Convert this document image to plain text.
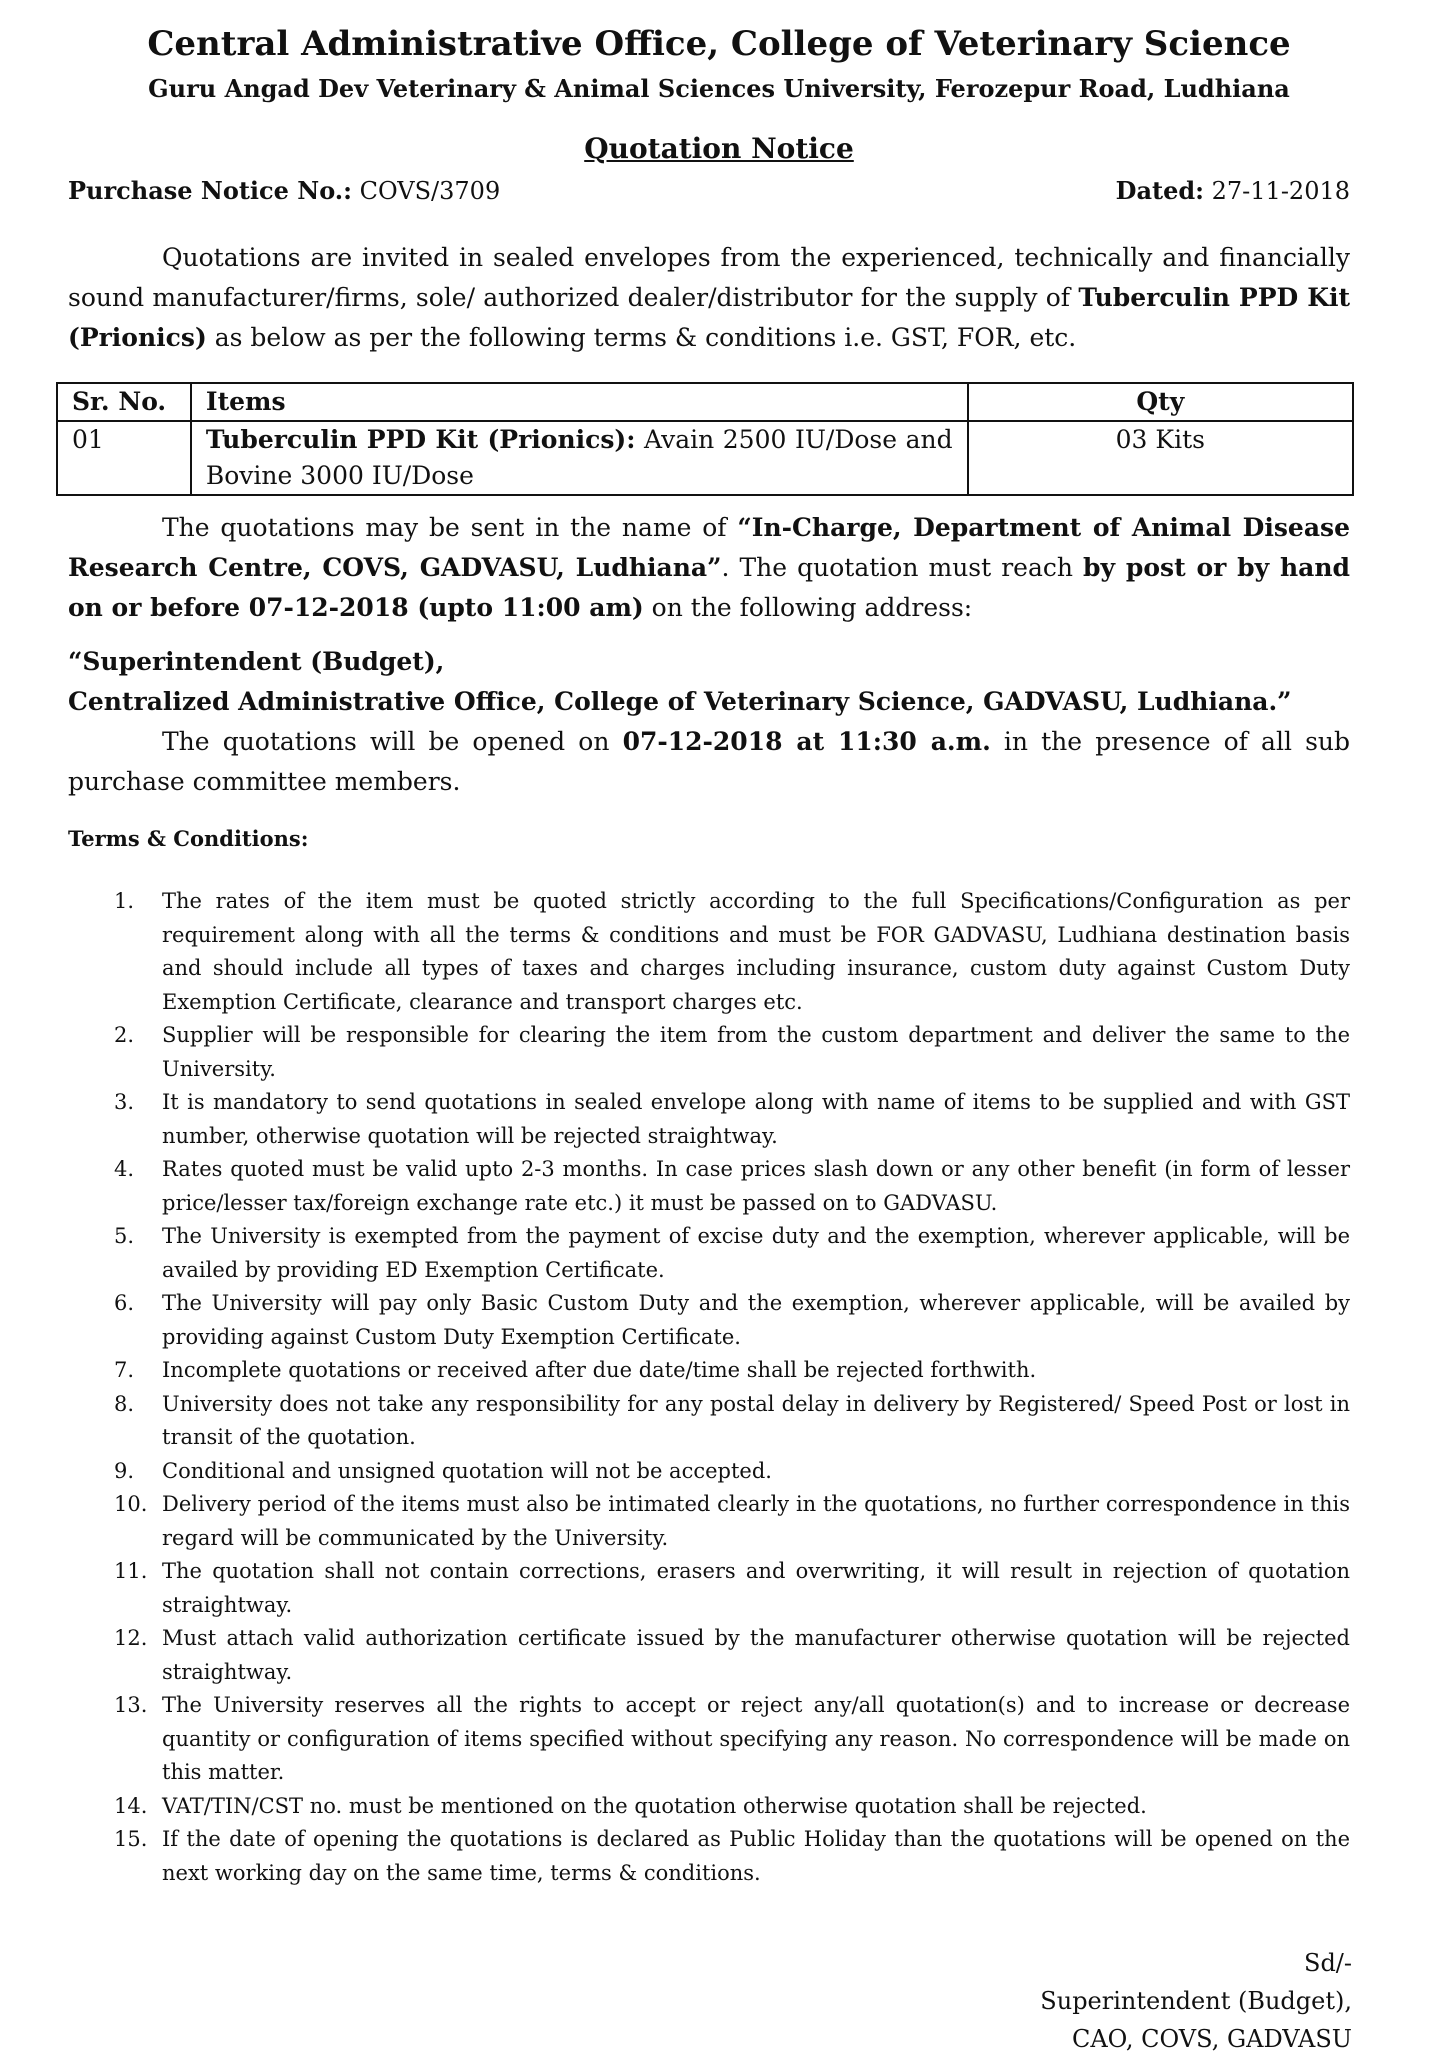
Central Administrative Office, College of Veterinary Science
Guru Angad Dev Veterinary & Animal Sciences University, Ferozepur Road, Ludhiana
Quotation Notice
Purchase Notice No.: COVS/3709	Dated: 27-11-2018

Quotations are invited in sealed envelopes from the experienced, technically and financially sound manufacturer/firms, sole/ authorized dealer/distributor for the supply of Tuberculin PPD Kit (Prionics) as below as per the following terms & conditions i.e. GST, FOR, etc.

Sr. No.	Items	Qty
01	Tuberculin PPD Kit (Prionics): Avain 2500 IU/Dose and Bovine 3000 IU/Dose	03 Kits

The quotations may be sent in the name of “In-Charge, Department of Animal Disease Research Centre, COVS, GADVASU, Ludhiana”. The quotation must reach by post or by hand on or before 07-12-2018 (upto 11:00 am) on the following address:

“Superintendent (Budget),
Centralized Administrative Office, College of Veterinary Science, GADVASU, Ludhiana.”

The quotations will be opened on 07-12-2018 at 11:30 a.m. in the presence of all sub purchase committee members.

Terms & Conditions:
1.	The rates of the item must be quoted strictly according to the full Specifications/Configuration as per requirement along with all the terms & conditions and must be FOR GADVASU, Ludhiana destination basis and should include all types of taxes and charges including insurance, custom duty against Custom Duty Exemption Certificate, clearance and transport charges etc.
2.	Supplier will be responsible for clearing the item from the custom department and deliver the same to the University.
3.	It is mandatory to send quotations in sealed envelope along with name of items to be supplied and with GST number, otherwise quotation will be rejected straightway.
4.	Rates quoted must be valid upto 2-3 months. In case prices slash down or any other benefit (in form of lesser price/lesser tax/foreign exchange rate etc.) it must be passed on to GADVASU.
5.	The University is exempted from the payment of excise duty and the exemption, wherever applicable, will be availed by providing ED Exemption Certificate.
6.	The University will pay only Basic Custom Duty and the exemption, wherever applicable, will be availed by providing against Custom Duty Exemption Certificate.
7.	Incomplete quotations or received after due date/time shall be rejected forthwith.
8.	University does not take any responsibility for any postal delay in delivery by Registered/ Speed Post or lost in transit of the quotation.
9.	Conditional and unsigned quotation will not be accepted.
10. Delivery period of the items must also be intimated clearly in the quotations, no further correspondence in this regard will be communicated by the University.
11. The quotation shall not contain corrections, erasers and overwriting, it will result in rejection of quotation straightway.
12. Must attach valid authorization certificate issued by the manufacturer otherwise quotation will be rejected straightway.
13. The University reserves all the rights to accept or reject any/all quotation(s) and to increase or decrease quantity or configuration of items specified without specifying any reason. No correspondence will be made on this matter.
14. VAT/TIN/CST no. must be mentioned on the quotation otherwise quotation shall be rejected.
15. If the date of opening the quotations is declared as Public Holiday than the quotations will be opened on the next working day on the same time, terms & conditions.
Sd/-
Superintendent (Budget),
CAO, COVS, GADVASU
